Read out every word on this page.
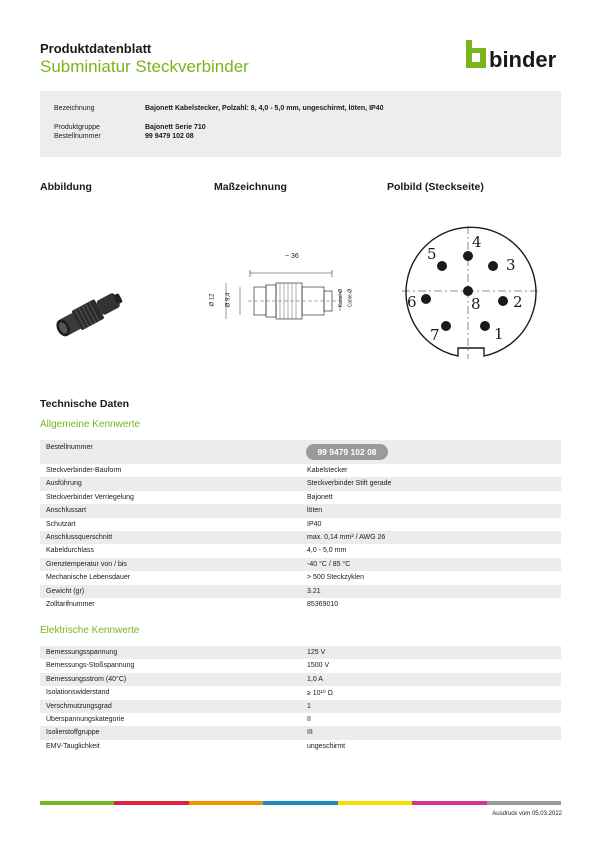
Produktdatenblatt
Subminiatur Steckverbinder	binder
Bezeichnung	Bajonett Kabelstecker, Polzahl: 8, 4,0 - 5,0 mm, ungeschirmt, löten, IP40
Produktgruppe	Bajonett Serie 710
Bestellnummer	99 9479 102 08
Abbildung	Maßzeichnung	Polbild (Steckseite)
~ 36
Ø 12 Ø 9,4	Kabel-Ø Cable-Ø
1
2
3
4
5
6
7
8
Technische Daten
Allgemeine Kennwerte
Bestellnummer	99 9479 102 08
Steckverbinder-Bauform	Kabelstecker
Ausführung	Steckverbinder Stift gerade
Steckverbinder Verriegelung	Bajonett
Anschlussart	löten
Schutzart	IP40
Anschlussquerschnitt	max. 0,14 mm² / AWG 26
Kabeldurchlass	4,0 - 5,0 mm
Grenztemperatur von / bis	-40 °C / 85 °C
Mechanische Lebensdauer	> 500 Steckzyklen
Gewicht (gr)	3.21
Zolltarifnummer	85369010
Elektrische Kennwerte
Bemessungsspannung	125 V
Bemessungs-Stoßspannung	1500 V
Bemessungsstrom (40°C)	1,0 A
Isolationswiderstand	≥ 10¹⁰ Ω
Verschmutzungsgrad	1
Überspannungskategorie	II
Isolierstoffgruppe	III
EMV-Tauglichkeit	ungeschirmt
Ausdruck vom 05.03.2022
